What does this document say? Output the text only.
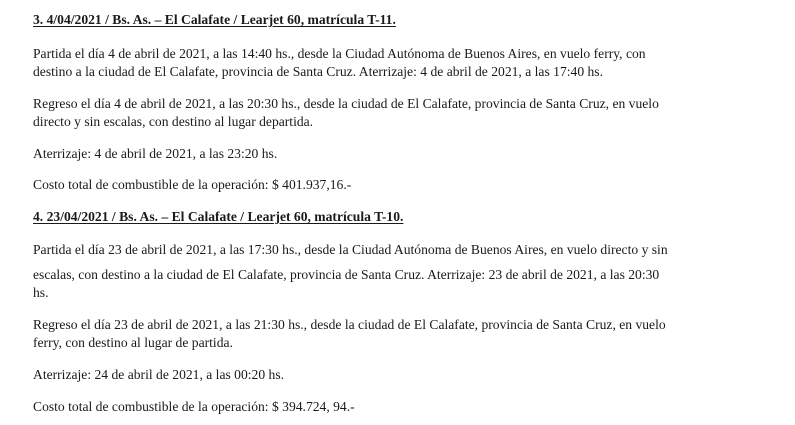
3. 4/04/2021 / Bs. As. – El Calafate / Learjet 60, matrícula T-11.
Partida el día 4 de abril de 2021, a las 14:40 hs., desde la Ciudad Autónoma de Buenos Aires, en vuelo ferry, con
destino a la ciudad de El Calafate, provincia de Santa Cruz. Aterrizaje: 4 de abril de 2021, a las 17:40 hs.
Regreso el día 4 de abril de 2021, a las 20:30 hs., desde la ciudad de El Calafate, provincia de Santa Cruz, en vuelo
directo y sin escalas, con destino al lugar departida.
Aterrizaje: 4 de abril de 2021, a las 23:20 hs.
Costo total de combustible de la operación: $ 401.937,16.-
4. 23/04/2021 / Bs. As. – El Calafate / Learjet 60, matrícula T-10.
Partida el día 23 de abril de 2021, a las 17:30 hs., desde la Ciudad Autónoma de Buenos Aires, en vuelo directo y sin
escalas, con destino a la ciudad de El Calafate, provincia de Santa Cruz. Aterrizaje: 23 de abril de 2021, a las 20:30
hs.
Regreso el día 23 de abril de 2021, a las 21:30 hs., desde la ciudad de El Calafate, provincia de Santa Cruz, en vuelo
ferry, con destino al lugar de partida.
Aterrizaje: 24 de abril de 2021, a las 00:20 hs.
Costo total de combustible de la operación: $ 394.724, 94.-
